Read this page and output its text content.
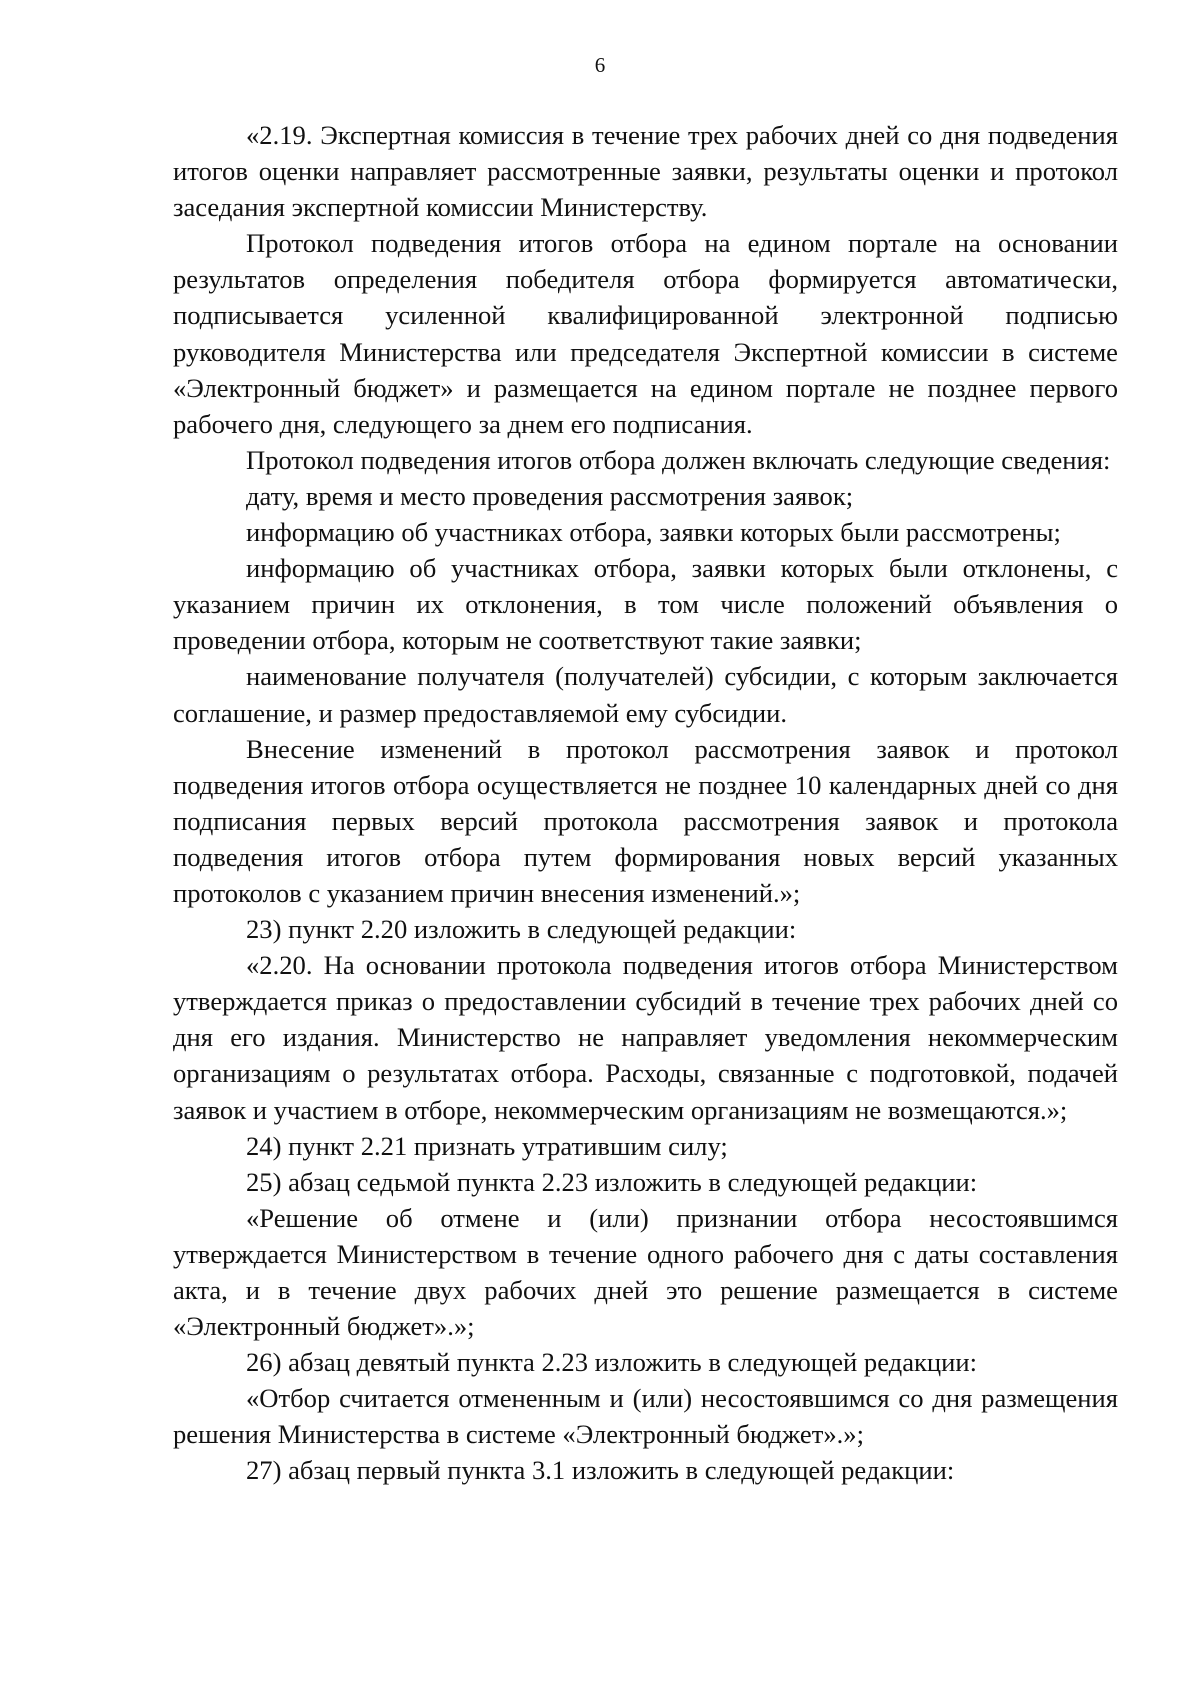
6

«2.19. Экспертная комиссия в течение трех рабочих дней со дня подведения итогов оценки направляет рассмотренные заявки, результаты оценки и протокол заседания экспертной комиссии Министерству.

Протокол подведения итогов отбора на едином портале на основании результатов определения победителя отбора формируется автоматически, подписывается усиленной квалифицированной электронной подписью руководителя Министерства или председателя Экспертной комиссии в системе «Электронный бюджет» и размещается на едином портале не позднее первого рабочего дня, следующего за днем его подписания.

Протокол подведения итогов отбора должен включать следующие сведения:

дату, время и место проведения рассмотрения заявок;

информацию об участниках отбора, заявки которых были рассмотрены;

информацию об участниках отбора, заявки которых были отклонены, с указанием причин их отклонения, в том числе положений объявления о проведении отбора, которым не соответствуют такие заявки;

наименование получателя (получателей) субсидии, с которым заключается соглашение, и размер предоставляемой ему субсидии.

Внесение изменений в протокол рассмотрения заявок и протокол подведения итогов отбора осуществляется не позднее 10 календарных дней со дня подписания первых версий протокола рассмотрения заявок и протокола подведения итогов отбора путем формирования новых версий указанных протоколов с указанием причин внесения изменений.»;

23) пункт 2.20 изложить в следующей редакции:

«2.20. На основании протокола подведения итогов отбора Министерством утверждается приказ о предоставлении субсидий в течение трех рабочих дней со дня его издания. Министерство не направляет уведомления некоммерческим организациям о результатах отбора. Расходы, связанные с подготовкой, подачей заявок и участием в отборе, некоммерческим организациям не возмещаются.»;

24) пункт 2.21 признать утратившим силу;

25) абзац седьмой пункта 2.23 изложить в следующей редакции:

«Решение об отмене и (или) признании отбора несостоявшимся утверждается Министерством в течение одного рабочего дня с даты составления акта, и в течение двух рабочих дней это решение размещается в системе «Электронный бюджет».»;

26) абзац девятый пункта 2.23 изложить в следующей редакции:

«Отбор считается отмененным и (или) несостоявшимся со дня размещения решения Министерства в системе «Электронный бюджет».»;

27) абзац первый пункта 3.1 изложить в следующей редакции:
